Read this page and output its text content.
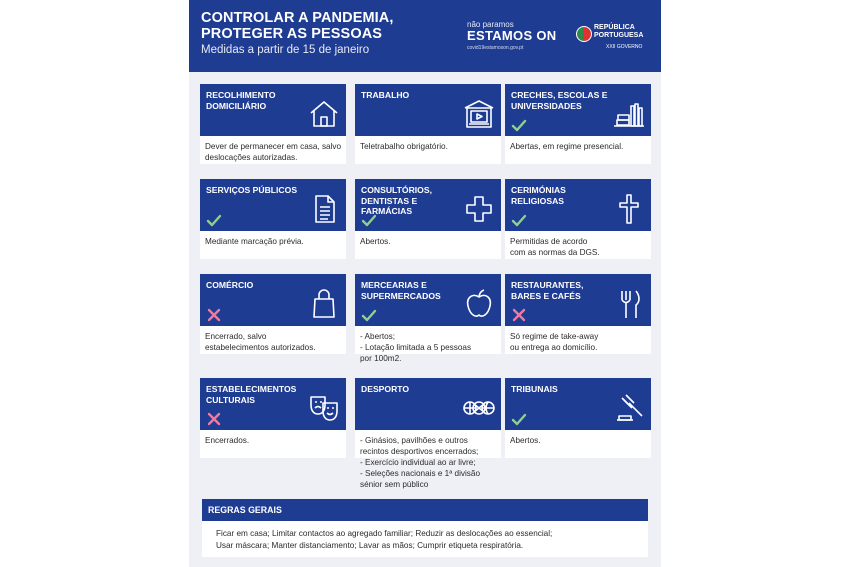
CONTROLAR A PANDEMIA,
PROTEGER AS PESSOAS
Medidas a partir de 15 de janeiro
não paramos
ESTAMOS ON
covid19estamoson.gov.pt
REPÚBLICA
PORTUGUESA
XXII GOVERNO
RECOLHIMENTO DOMICILIÁRIO
Dever de permanecer em casa, salvo deslocações autorizadas.
TRABALHO
Teletrabalho obrigatório.
CRECHES, ESCOLAS E UNIVERSIDADES
Abertas, em regime presencial.
SERVIÇOS PÚBLICOS
Mediante marcação prévia.
CONSULTÓRIOS, DENTISTAS E FARMÁCIAS
Abertos.
CERIMÓNIAS RELIGIOSAS
Permitidas de acordo
com as normas da DGS.
COMÉRCIO
Encerrado, salvo
estabelecimentos autorizados.
MERCEARIAS E SUPERMERCADOS
- Abertos;
- Lotação limitada a 5 pessoas
por 100m2.
RESTAURANTES, BARES E CAFÉS
Só regime de take-away
ou entrega ao domicílio.
ESTABELECIMENTOS CULTURAIS
Encerrados.
DESPORTO
- Ginásios, pavilhões e outros
recintos desportivos encerrados;
- Exercício individual ao ar livre;
- Seleções nacionais e 1ª divisão
sénior sem público
TRIBUNAIS
Abertos.
REGRAS GERAIS
Ficar em casa; Limitar contactos ao agregado familiar; Reduzir as deslocações ao essencial;
Usar máscara; Manter distanciamento; Lavar as mãos; Cumprir etiqueta respiratória.
